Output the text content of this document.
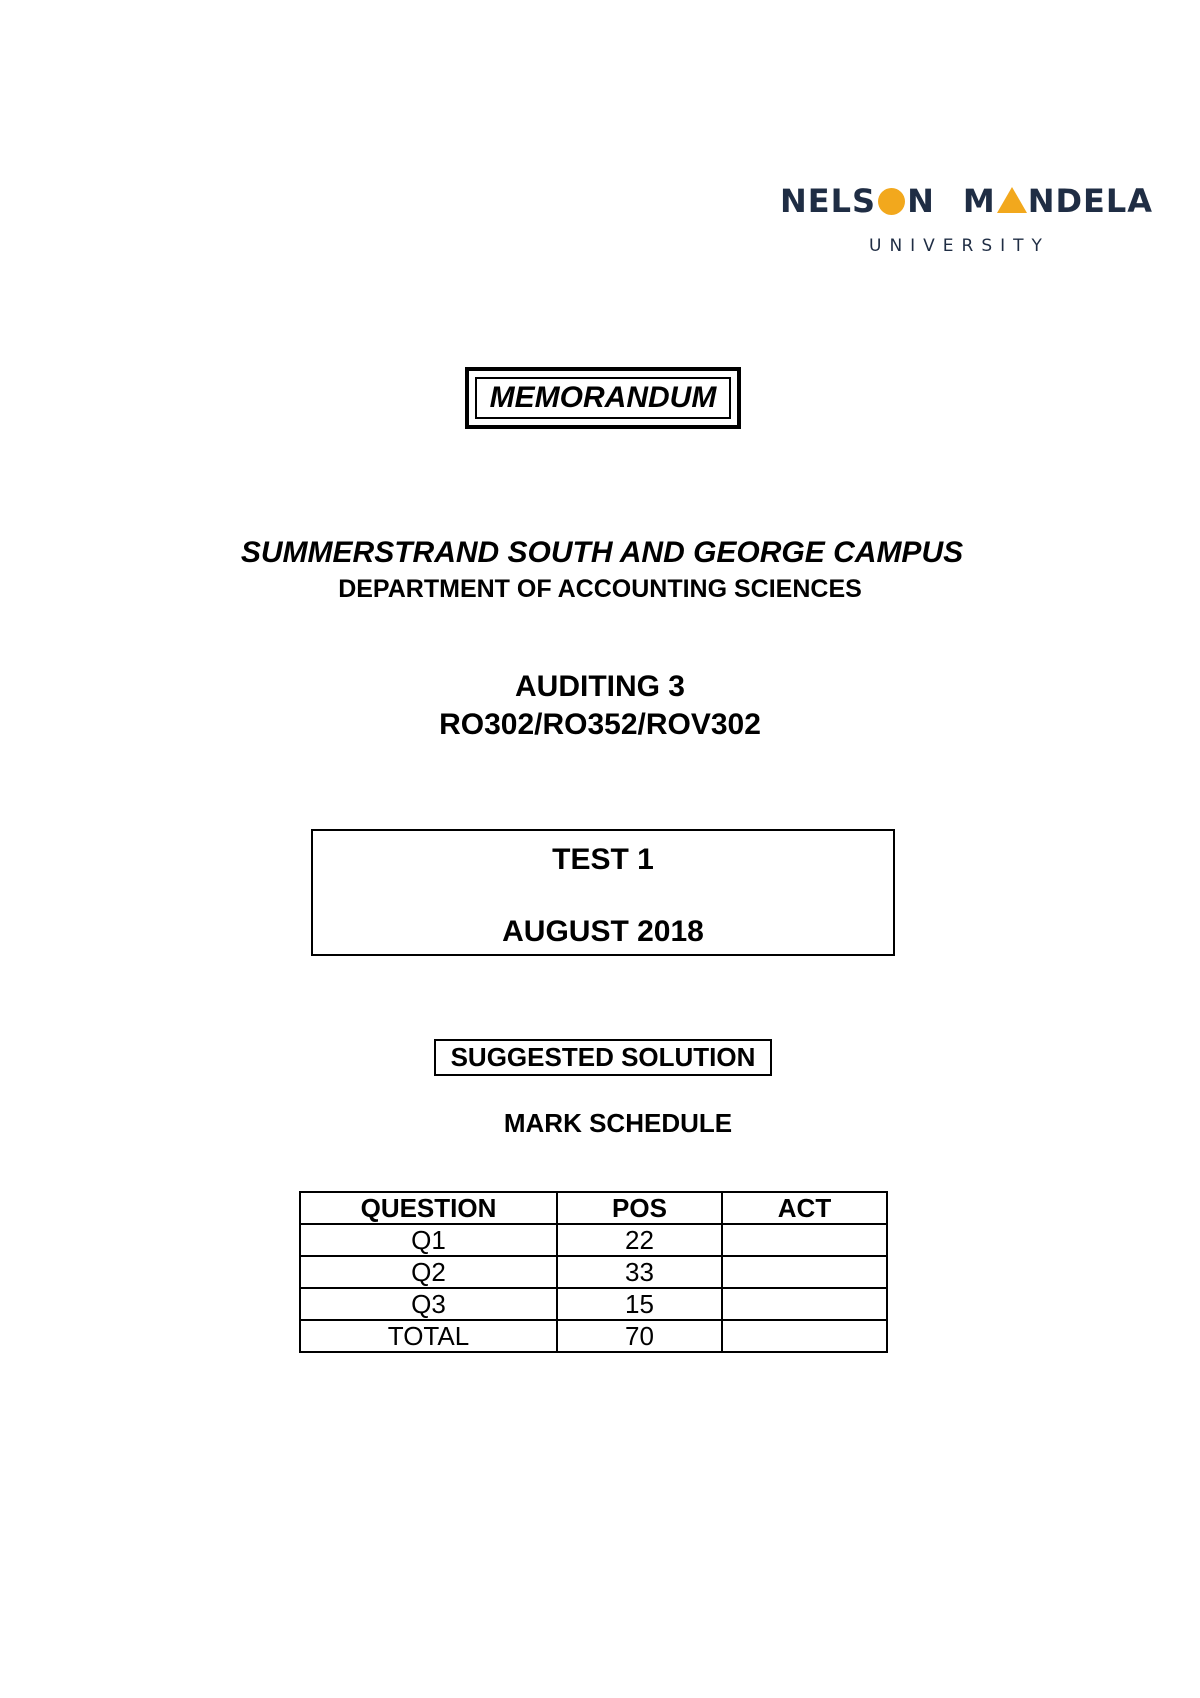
NELS N M NDELA
UNIVERSITY
MEMORANDUM
SUMMERSTRAND SOUTH AND GEORGE CAMPUS
DEPARTMENT OF ACCOUNTING SCIENCES
AUDITING 3
RO302/RO352/ROV302
TEST 1
AUGUST 2018
SUGGESTED SOLUTION
MARK SCHEDULE
QUESTION	POS	ACT
Q1	22	
Q2	33	
Q3	15	
TOTAL	70	
